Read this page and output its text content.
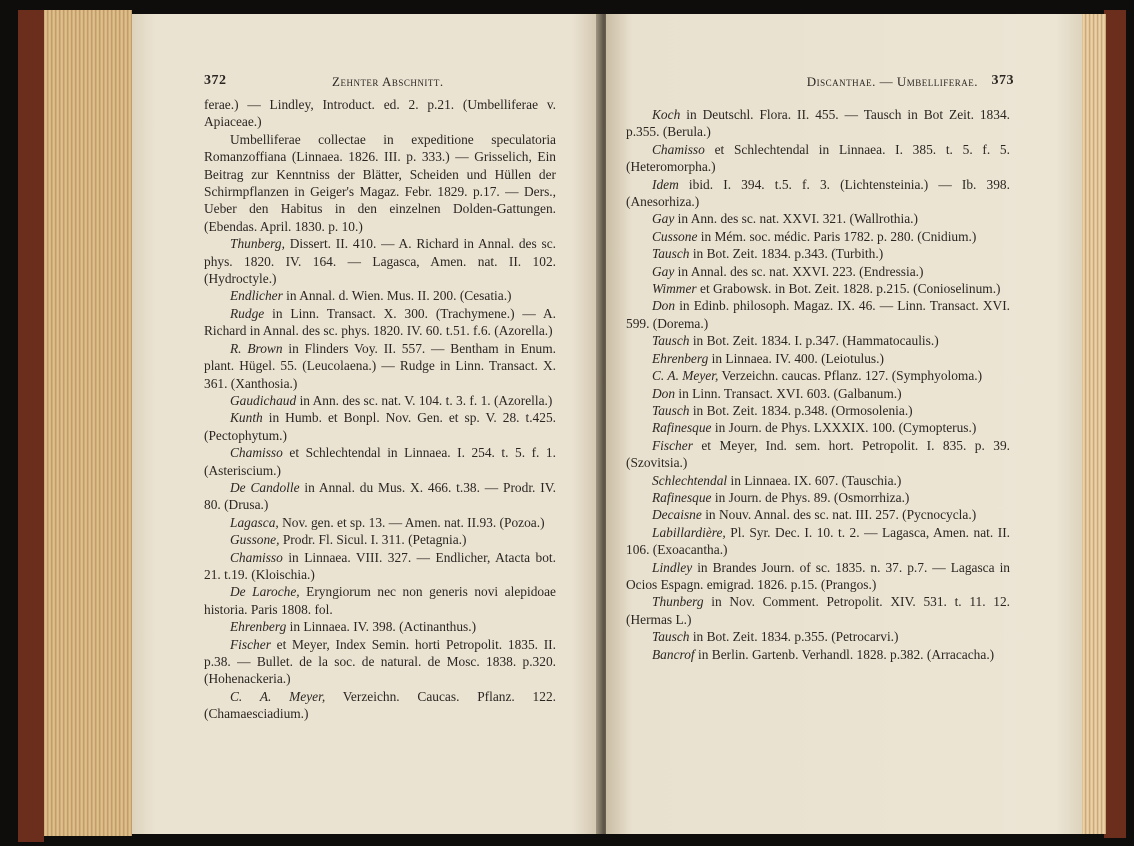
372	Zehnter Abschnitt.

ferae.) — Lindley, Introduct. ed. 2. p.21. (Umbelliferae v. Apiaceae.)

Umbelliferae collectae in expeditione speculatoria Romanzoffiana (Linnaea. 1826. III. p. 333.) — Grisselich, Ein Beitrag zur Kenntniss der Blätter, Scheiden und Hüllen der Schirmpflanzen in Geiger's Magaz. Febr. 1829. p.17. — Ders., Ueber den Habitus in den einzelnen Dolden-Gattungen. (Ebendas. April. 1830. p. 10.)

Thunberg, Dissert. II. 410. — A. Richard in Annal. des sc. phys. 1820. IV. 164. — Lagasca, Amen. nat. II. 102. (Hydroctyle.)

Endlicher in Annal. d. Wien. Mus. II. 200. (Cesatia.)

Rudge in Linn. Transact. X. 300. (Trachymene.) — A. Richard in Annal. des sc. phys. 1820. IV. 60. t.51. f.6. (Azorella.)

R. Brown in Flinders Voy. II. 557. — Bentham in Enum. plant. Hügel. 55. (Leucolaena.) — Rudge in Linn. Transact. X. 361. (Xanthosia.)

Gaudichaud in Ann. des sc. nat. V. 104. t. 3. f. 1. (Azorella.)

Kunth in Humb. et Bonpl. Nov. Gen. et sp. V. 28. t.425. (Pectophytum.)

Chamisso et Schlechtendal in Linnaea. I. 254. t. 5. f. 1. (Asteriscium.)

De Candolle in Annal. du Mus. X. 466. t.38. — Prodr. IV. 80. (Drusa.)

Lagasca, Nov. gen. et sp. 13. — Amen. nat. II.93. (Pozoa.)

Gussone, Prodr. Fl. Sicul. I. 311. (Petagnia.)

Chamisso in Linnaea. VIII. 327. — Endlicher, Atacta bot. 21. t.19. (Kloischia.)

De Laroche, Eryngiorum nec non generis novi alepidoae historia. Paris 1808. fol.

Ehrenberg in Linnaea. IV. 398. (Actinanthus.)

Fischer et Meyer, Index Semin. horti Petropolit. 1835. II. p.38. — Bullet. de la soc. de natural. de Mosc. 1838. p.320. (Hohenackeria.)

C. A. Meyer, Verzeichn. Caucas. Pflanz. 122. (Chamaesciadium.)

Discanthae. — Umbelliferae. 373

Koch in Deutschl. Flora. II. 455. — Tausch in Bot Zeit. 1834. p.355. (Berula.)

Chamisso et Schlechtendal in Linnaea. I. 385. t. 5. f. 5. (Heteromorpha.)

Idem ibid. I. 394. t.5. f. 3. (Lichtensteinia.) — Ib. 398. (Anesorhiza.)

Gay in Ann. des sc. nat. XXVI. 321. (Wallrothia.)

Cussone in Mém. soc. médic. Paris 1782. p. 280. (Cnidium.)

Tausch in Bot. Zeit. 1834. p.343. (Turbith.)

Gay in Annal. des sc. nat. XXVI. 223. (Endressia.)

Wimmer et Grabowsk. in Bot. Zeit. 1828. p.215. (Conioselinum.)

Don in Edinb. philosoph. Magaz. IX. 46. — Linn. Transact. XVI. 599. (Dorema.)

Tausch in Bot. Zeit. 1834. I. p.347. (Hammatocaulis.)

Ehrenberg in Linnaea. IV. 400. (Leiotulus.)

C. A. Meyer, Verzeichn. caucas. Pflanz. 127. (Symphyoloma.)

Don in Linn. Transact. XVI. 603. (Galbanum.)

Tausch in Bot. Zeit. 1834. p.348. (Ormosolenia.)

Rafinesque in Journ. de Phys. LXXXIX. 100. (Cymopterus.)

Fischer et Meyer, Ind. sem. hort. Petropolit. I. 835. p. 39. (Szovitsia.)

Schlechtendal in Linnaea. IX. 607. (Tauschia.)

Rafinesque in Journ. de Phys. 89. (Osmorrhiza.)

Decaisne in Nouv. Annal. des sc. nat. III. 257. (Pycnocycla.)

Labillardière, Pl. Syr. Dec. I. 10. t. 2. — Lagasca, Amen. nat. II. 106. (Exoacantha.)

Lindley in Brandes Journ. of sc. 1835. n. 37. p.7. — Lagasca in Ocios Espagn. emigrad. 1826. p.15. (Prangos.)

Thunberg in Nov. Comment. Petropolit. XIV. 531. t. 11. 12. (Hermas L.)

Tausch in Bot. Zeit. 1834. p.355. (Petrocarvi.)

Bancrof in Berlin. Gartenb. Verhandl. 1828. p.382. (Arracacha.)
